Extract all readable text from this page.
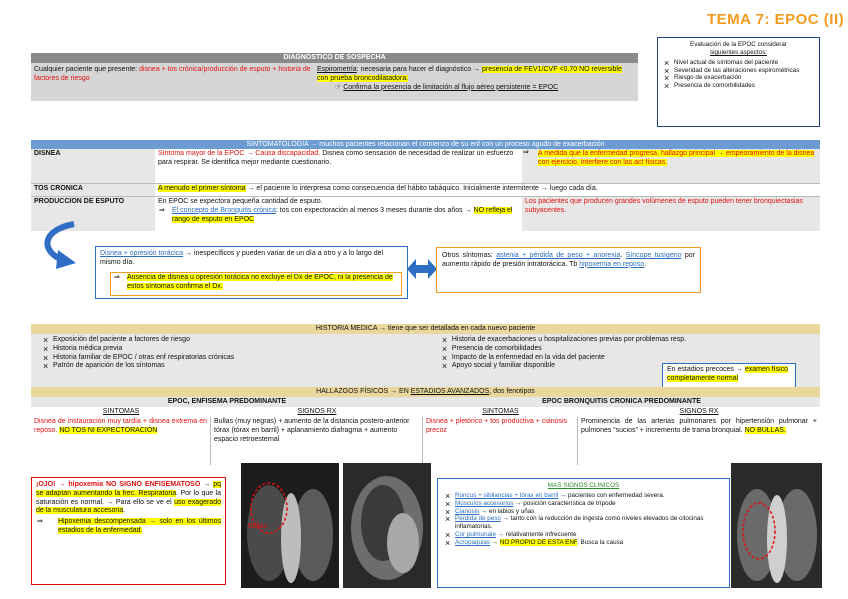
TEMA 7: EPOC (II)
Evaluación de la EPOC considerar
siguientes aspectos:
× Nivel actual de síntomas del paciente
× Severidad de las alteraciones espirométricas
× Riesgo de exacerbación
× Presencia de comorbilidades
DIAGNÓSTICO DE SOSPECHA
Cualquier paciente que presente: disnea + tos crónica/producción de esputo + historia de factores de riesgo
Espirometría: necesaria para hacer el diagnóstico → presencia de FEV1/CVF <0.70 NO reversible con prueba broncodilatadora.
☞ Confirma la presencia de limitación al flujo aéreo persistente = EPOC
SINTOMATOLOGÍA → muchos pacientes relacionan el comienzo de su enf con un proceso agudo de exacerbación
DISNEA	Síntoma mayor de la EPOC → Causa discapacidad. Disnea como sensación de necesidad de realizar un esfuerzo para respirar. Se identifica mejor mediante cuestionario.
⇒ A medida que la enfermedad progresa, hallazgo principal → empeoramiento de la disnea con ejercicio, interfiere con las act físicas.
TOS CRONICA	A menudo el primer síntoma → el paciente lo interpresa como consecuencia del hábito tabáquico. Inicialmente intermitente → luego cada día.
PRODUCCION DE ESPUTO	En EPOC se expectora pequeña cantidad de esputo.
⇒ El concepto de Bronquitis crónica: tos con expectoración al menos 3 meses durante dos años → NO refleja el rango de esputo en EPOC
Los pacientes que producen grandes volúmenes de esputo pueden tener bronquiectasias subyacentes.
Disnea + opresión torácica → inespecíficos y pueden variar de un día a otro y a lo largo del mismo día.
⇒ Ausencia de disnea u opresión torácica no excluye el Dx de EPOC, ni la presencia de estos síntomas confirma el Dx.
Otros síntomas: astenia + pérdida de peso + anorexia. Síncope tusígeno por aumento rápido de presión intratorácica. Tb hipoxemia en reposo.
HISTORIA MEDICA → tiene que ser detallada en cada nuevo paciente
× Exposición del paciente a factores de riesgo
× Historia médica previa
× Historia familiar de EPOC / otras enf respiratorias crónicas
× Patrón de aparición de los síntomas
× Historia de exacerbaciones u hospitalizaciones previas por problemas resp.
× Presencia de comorbilidades
× Impacto de la enfermedad en la vida del paciente
× Apoyo social y familiar disponible
En estadios precoces → examen físico completamente normal
HALLAZGOS FÍSICOS → EN ESTADIOS AVANZADOS, dos fenotipos
EPOC, ENFISEMA PREDOMINANTE	EPOC BRONQUITIS CRONICA PREDOMINANTE
SINTOMAS	SIGNOS RX	SINTOMAS	SIGNOS RX
Disnea de instauración muy tardía + disnea extrema en reposo. NO TOS NI EXPECTORACIÓN
Bullas (muy negras) + aumento de la distancia postero-anterior tórax (tórax en barril) + aplanamiento diafragma + aumento espacio retroesternal
Disnea + pletórico + tos productiva + cianosis precoz
Prominencia de las arterias pulmonares por hipertensión pulmonar + pulmones “sucios” + incremento de trama bronquial. NO BULLAS.
¡OJO! → hipoxemia NO SIGNO ENFISEMATOSO → pq se adaptan aumentando la frec. Respiratoria. Por lo que la saturación es normal. → Para ello se ve el uso exagerado de la musculatura accesoria.
⇒ Hipoxemia descompensada → solo en los últimos estadios de la enfermedad.
Bullas
MAS SIGNOS CLINICOS
× Roncus + sibilancias + tórax en barril → pacientes con enfermedad severa.
× Músculos accesorios → posición característica de trípode
× Cianosis → en labios y uñas
× Pérdida de peso → tanto con la reducción de ingesta como niveles elevados de citocinas inflamatorias.
× Cor pulmonale → relativamente infrecuente
× Acropaquias → NO PROPIO DE ESTA ENF. Busca la causa
